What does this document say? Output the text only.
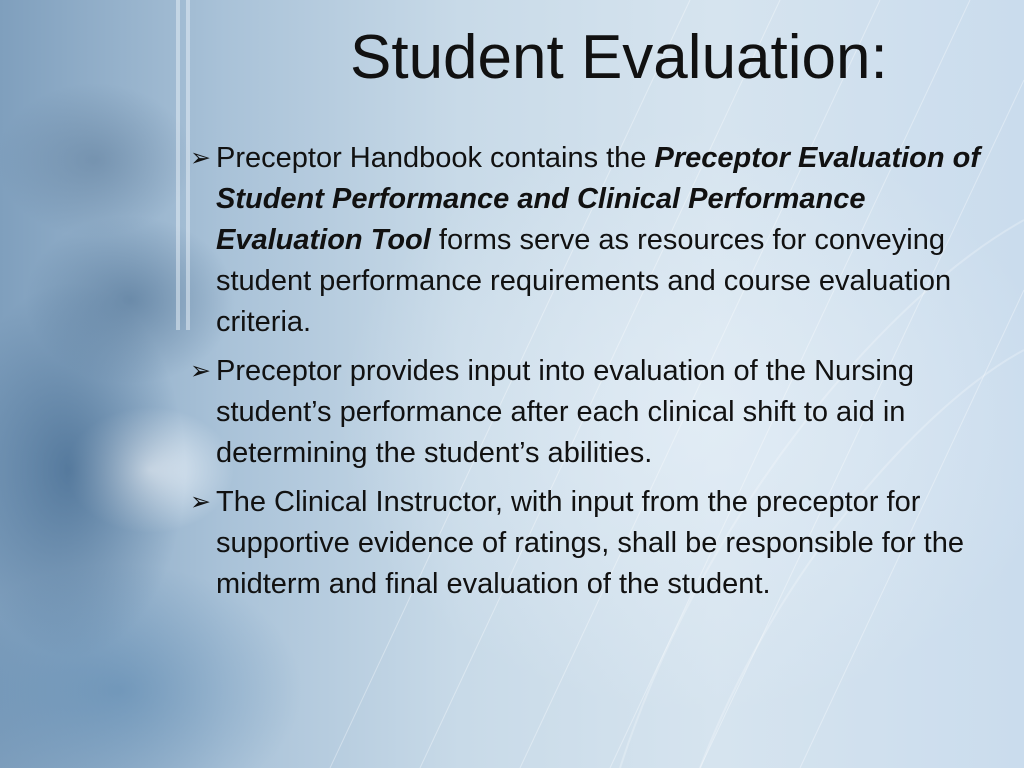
Student Evaluation:
➢ Preceptor Handbook contains the Preceptor Evaluation of Student Performance and Clinical Performance Evaluation Tool forms serve as resources for conveying student performance requirements and course evaluation criteria.
➢ Preceptor provides input into evaluation of the Nursing student’s performance after each clinical shift to aid in determining the student’s abilities.
➢ The Clinical Instructor, with input from the preceptor for supportive evidence of ratings, shall be responsible for the midterm and final evaluation of the student.
